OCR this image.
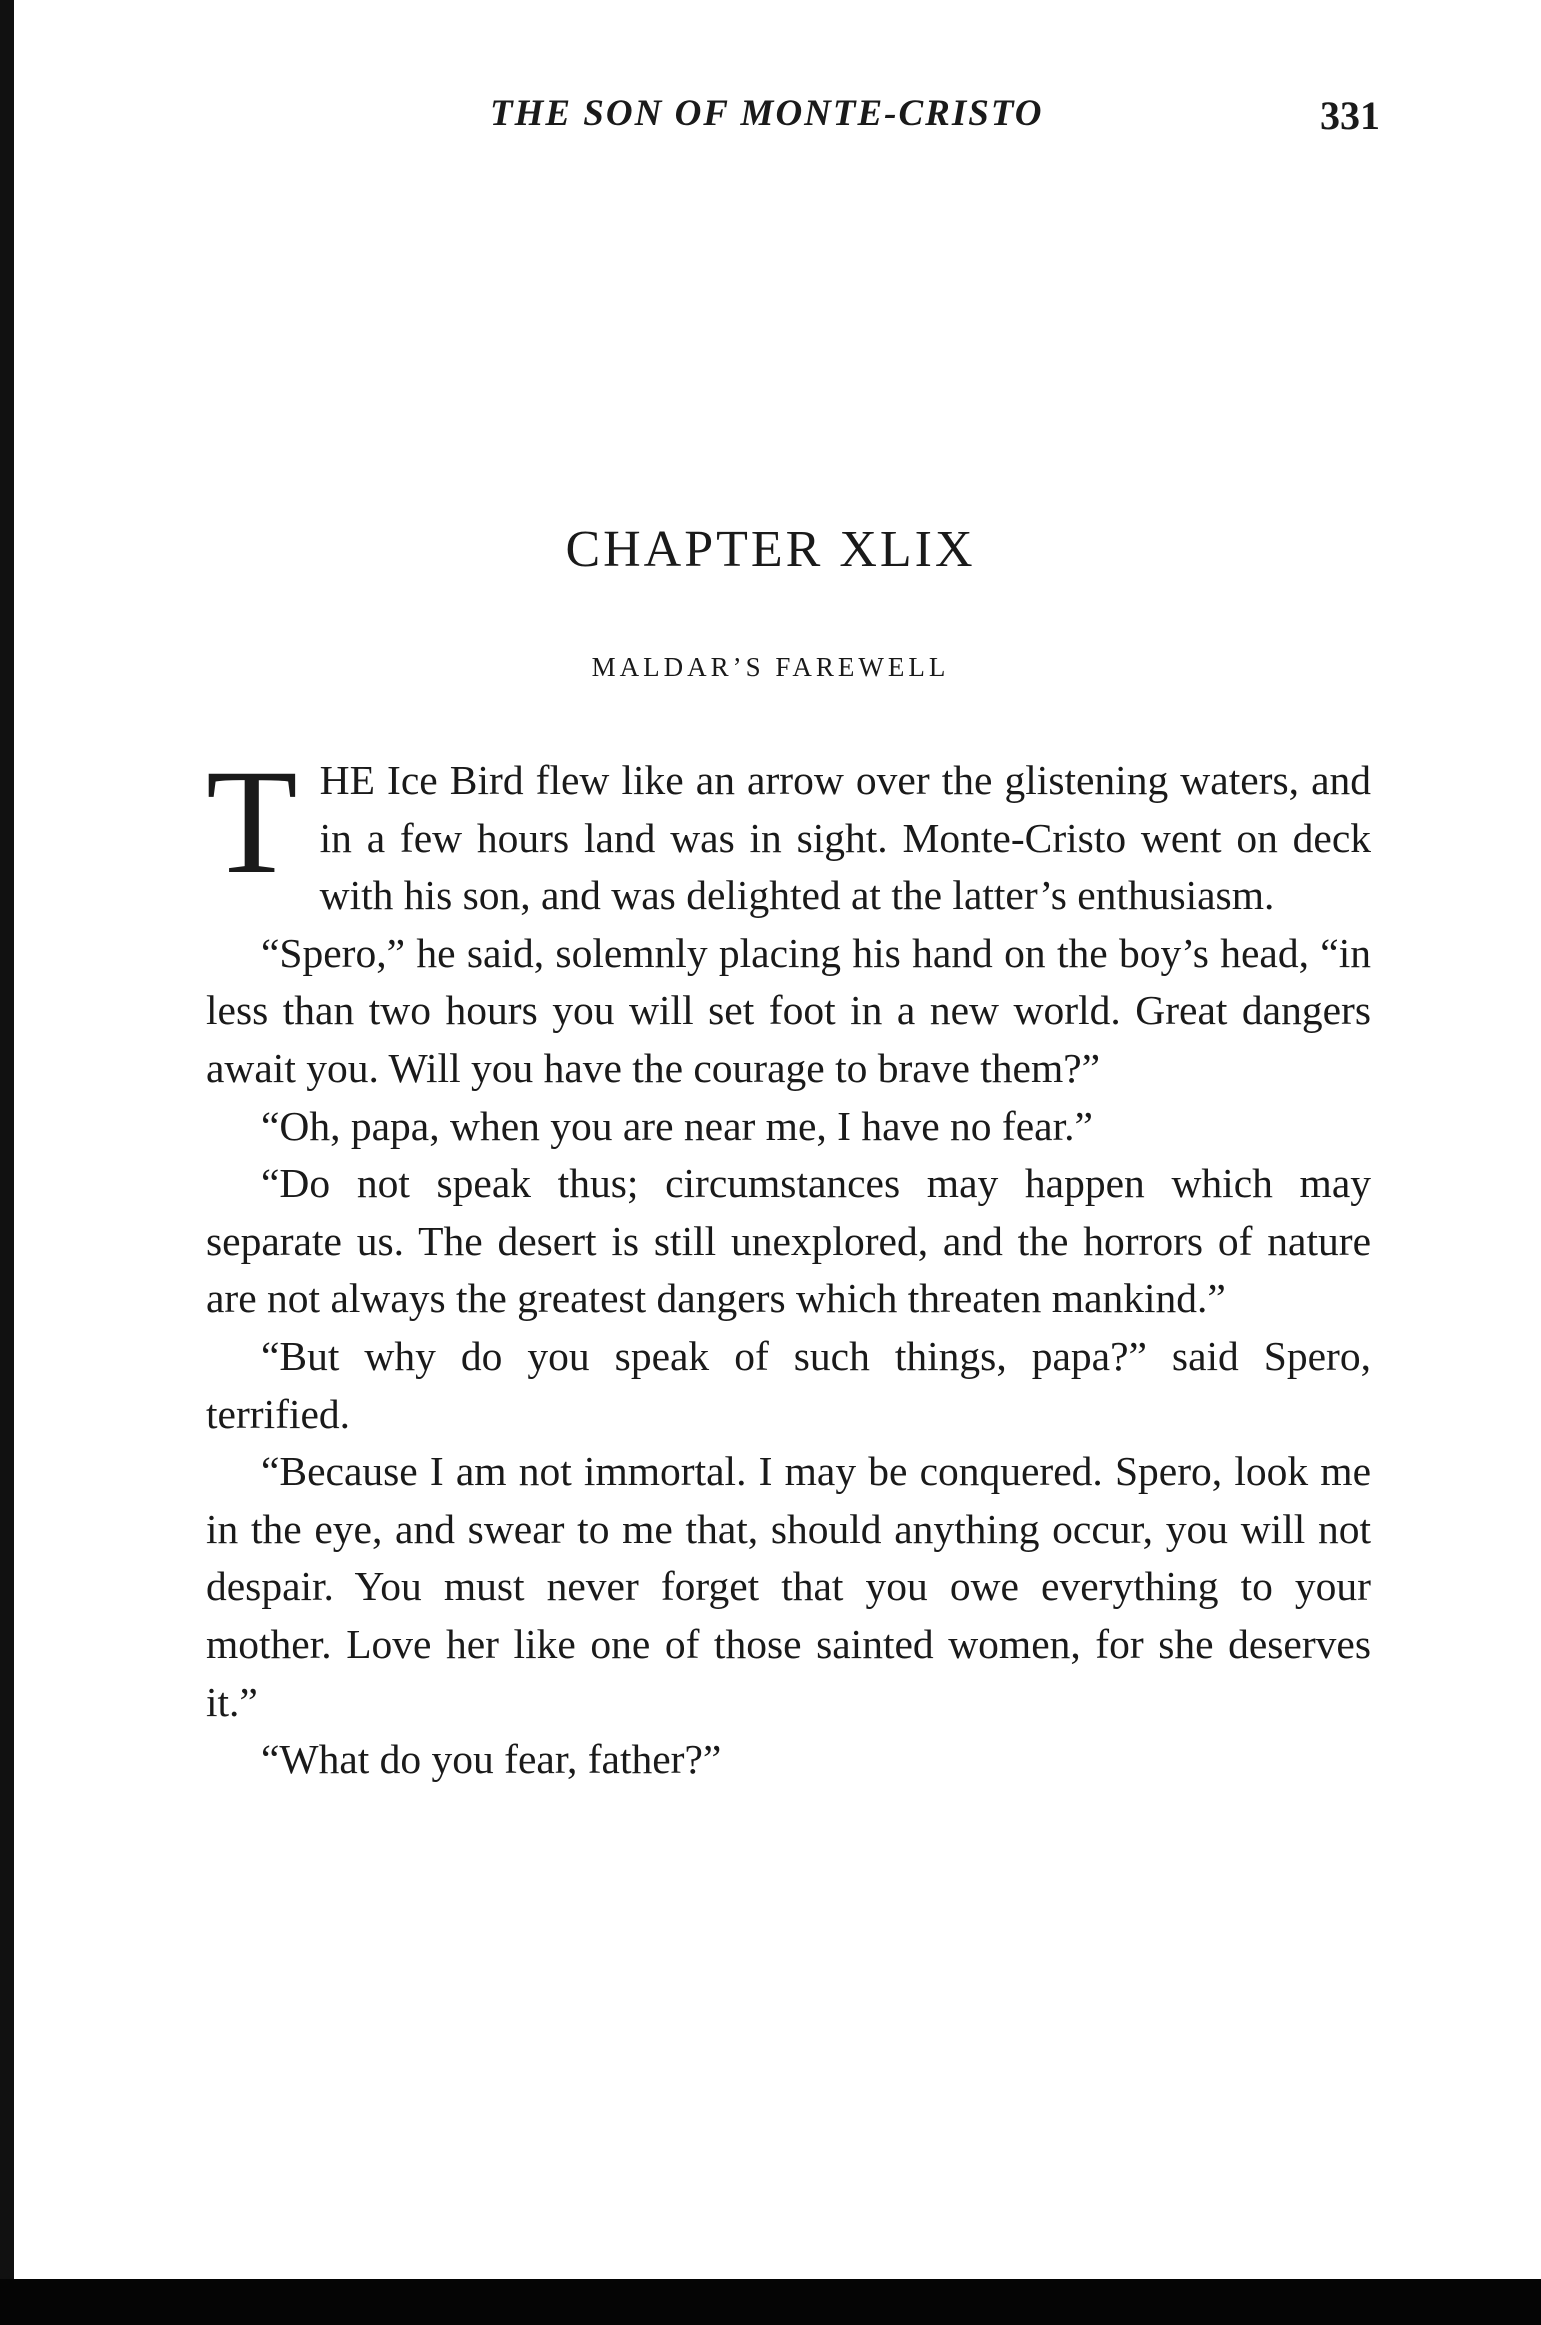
THE SON OF MONTE-CRISTO	331
CHAPTER XLIX
MALDAR’S FAREWELL

THE Ice Bird flew like an arrow over the glistening waters, and in a few hours land was in sight. Monte-Cristo went on deck with his son, and was delighted at the latter’s enthusiasm.

“Spero,” he said, solemnly placing his hand on the boy’s head, “in less than two hours you will set foot in a new world. Great dangers await you. Will you have the courage to brave them?”

“Oh, papa, when you are near me, I have no fear.”

“Do not speak thus; circumstances may happen which may separate us. The desert is still unexplored, and the horrors of nature are not always the greatest dangers which threaten mankind.”

“But why do you speak of such things, papa?” said Spero, terrified.

“Because I am not immortal. I may be conquered. Spero, look me in the eye, and swear to me that, should anything occur, you will not despair. You must never forget that you owe everything to your mother. Love her like one of those sainted women, for she deserves it.”

“What do you fear, father?”
